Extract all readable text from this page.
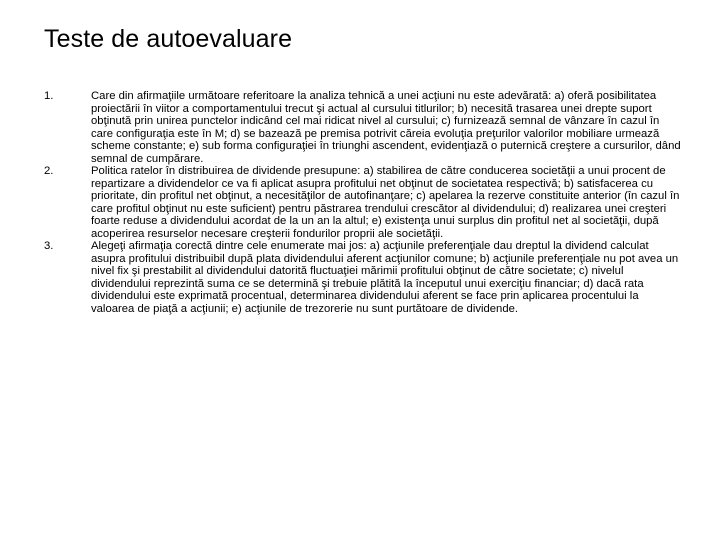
Teste de autoevaluare
1.	Care din afirmaţiile următoare referitoare la analiza tehnică a unei acţiuni nu este adevărată: a) oferă posibilitatea proiectării în viitor a comportamentului trecut şi actual al cursului titlurilor; b) necesită trasarea unei drepte suport obţinută prin unirea punctelor indicând cel mai ridicat nivel al cursului; c) furnizează semnal de vânzare în cazul în care configuraţia este în M; d) se bazează pe premisa potrivit căreia evoluţia preţurilor valorilor mobiliare urmează scheme constante; e) sub forma configuraţiei în triunghi ascendent, evidenţiază o puternică creştere a cursurilor, dând semnal de cumpărare.
2.	Politica ratelor în distribuirea de dividende presupune: a) stabilirea de către conducerea societăţii a unui procent de repartizare a dividendelor ce va fi aplicat asupra profitului net obţinut de societatea respectivă; b) satisfacerea cu prioritate, din profitul net obţinut, a necesităţilor de autofinanţare; c) apelarea la rezerve constituite anterior (în cazul în care profitul obţinut nu este suficient) pentru păstrarea trendului crescător al dividendului; d) realizarea unei creşteri foarte reduse a dividendului acordat de la un an la altul; e) existenţa unui surplus din profitul net al societăţii, după acoperirea resurselor necesare creşterii fondurilor proprii ale societăţii.
3.	Alegeţi afirmaţia corectă dintre cele enumerate mai jos: a) acţiunile preferenţiale dau dreptul la dividend calculat asupra profitului distribuibil după plata dividendului aferent acţiunilor comune; b) acţiunile preferenţiale nu pot avea un nivel fix şi prestabilit al dividendului datorită fluctuaţiei mărimii profitului obţinut de către societate; c) nivelul dividendului reprezintă suma ce se determină şi trebuie plătită la începutul unui exerciţiu financiar; d) dacă rata dividendului este exprimată procentual, determinarea dividendului aferent se face prin aplicarea procentului la valoarea de piaţă a acţiunii; e) acţiunile de trezorerie nu sunt purtătoare de dividende.
